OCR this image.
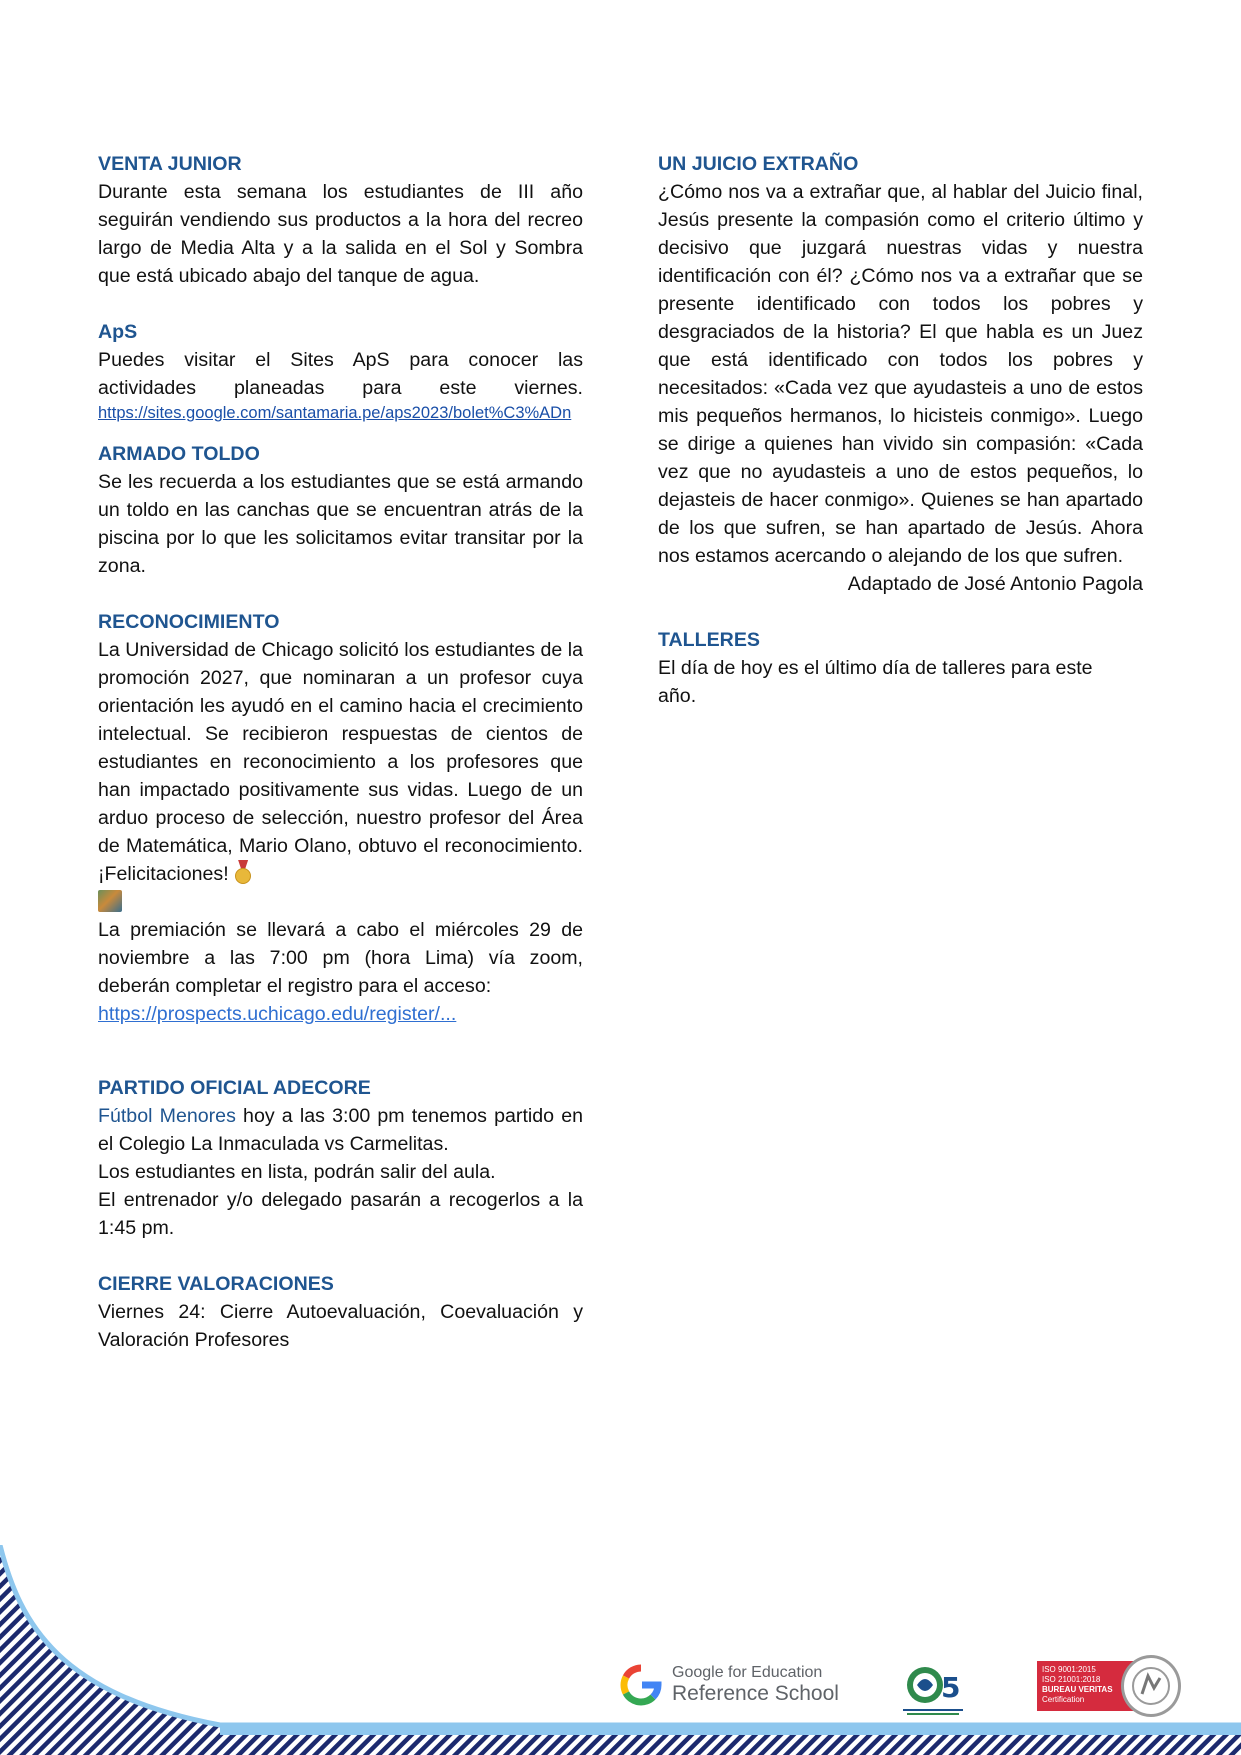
VENTA JUNIOR

Durante esta semana los estudiantes de III año seguirán vendiendo sus productos a la hora del recreo largo de Media Alta y a la salida en el Sol y Sombra que está ubicado abajo del tanque de agua.

ApS

Puedes visitar el Sites ApS para conocer las actividades planeadas para este viernes.

https://sites.google.com/santamaria.pe/aps2023/bolet%C3%ADn
ARMADO TOLDO

Se les recuerda a los estudiantes que se está armando un toldo en las canchas que se encuentran atrás de la piscina por lo que les solicitamos evitar transitar por la zona.

RECONOCIMIENTO

La Universidad de Chicago solicitó los estudiantes de la promoción 2027, que nominaran a un profesor cuya orientación les ayudó en el camino hacia el crecimiento intelectual. Se recibieron respuestas de cientos de estudiantes en reconocimiento a los profesores que han impactado positivamente sus vidas. Luego de un arduo proceso de selección, nuestro profesor del Área de Matemática, Mario Olano, obtuvo el reconocimiento. ¡Felicitaciones!

La premiación se llevará a cabo el miércoles 29 de noviembre a las 7:00 pm (hora Lima) vía zoom, deberán completar el registro para el acceso:

https://prospects.uchicago.edu/register/...
PARTIDO OFICIAL ADECORE

Fútbol Menores hoy a las 3:00 pm tenemos partido en el Colegio La Inmaculada vs Carmelitas.

Los estudiantes en lista, podrán salir del aula.

El entrenador y/o delegado pasarán a recogerlos a la 1:45 pm.

CIERRE VALORACIONES

Viernes 24: Cierre Autoevaluación, Coevaluación y Valoración Profesores

UN JUICIO EXTRAÑO

¿Cómo nos va a extrañar que, al hablar del Juicio final, Jesús presente la compasión como el criterio último y decisivo que juzgará nuestras vidas y nuestra identificación con él? ¿Cómo nos va a extrañar que se presente identificado con todos los pobres y desgraciados de la historia? El que habla es un Juez que está identificado con todos los pobres y necesitados: «Cada vez que ayudasteis a uno de estos mis pequeños hermanos, lo hicisteis conmigo». Luego se dirige a quienes han vivido sin compasión: «Cada vez que no ayudasteis a uno de estos pequeños, lo dejasteis de hacer conmigo». Quienes se han apartado de los que sufren, se han apartado de Jesús. Ahora nos estamos acercando o alejando de los que sufren.

Adaptado de José Antonio Pagola

TALLERES

El día de hoy es el último día de talleres para este año.

Google for Education
Reference School	5
ISO 9001:2015
ISO 21001:2018
BUREAU VERITAS
Certification
